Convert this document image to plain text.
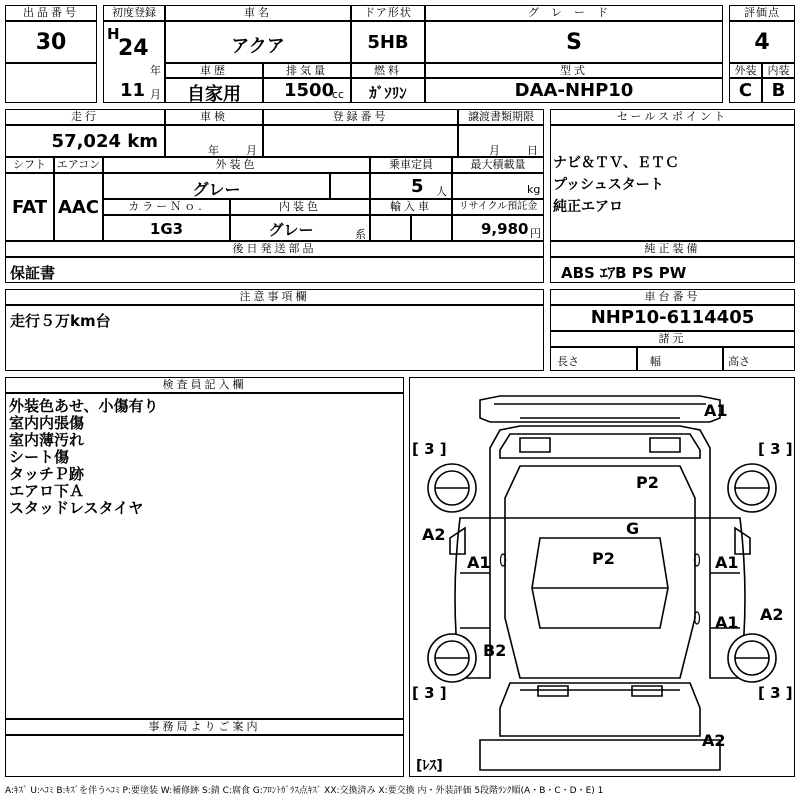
出品番号
30
初度登録
H
24
年
11 月
車名
アクア
ドア形状
5HB
グレード
S
評価点
4
車歴
自家用
排気量
1500
cc
燃料
ｶﾞｿﾘﾝ
型式
DAA-NHP10
外装	内装
C	B
走行
57,024 km
車検
年 月
登録番号	譲渡書類期限
月 日
セールスポイント
ナビ＆ＴＶ、ＥＴＣ
プッシュスタート
純正エアロ
シフト
FAT
エアコン
AAC
外装色
グレー
乗車定員
5 人
最大積載量
kg
カラーＮｏ.
1G3
内装色
グレー	系
輸入車	リサイクル預託金
9,980 円
後日発送部品
保証書
純正装備
ABS ｴｱB PS PW
注意事項欄
走行５万km台
車台番号
NHP10-6114405
諸元
長さ	幅	高さ
検査員記入欄
外装色あせ、小傷有り
室内内張傷
室内薄汚れ
シート傷
タッチＰ跡
エアロ下Ａ
スタッドレスタイヤ
事務局よりご案内
A1
P2
G
P2
A2
A1	A1
A1 A2
B2
A2
[ 3 ]	[ 3 ]
[ 3 ]	[ 3 ]
[ﾚｽ]
A:ｷｽﾞ U:ﾍｺﾐ B:ｷｽﾞを伴うﾍｺﾐ P:要塗装 W:補修跡 S:錆 C:腐食 G:ﾌﾛﾝﾄｶﾞﾗｽ点ｷｽﾞ XX:交換済み X:要交換 内・外装評価 5段階ﾗﾝｸ順(A・B・C・D・E) 1
